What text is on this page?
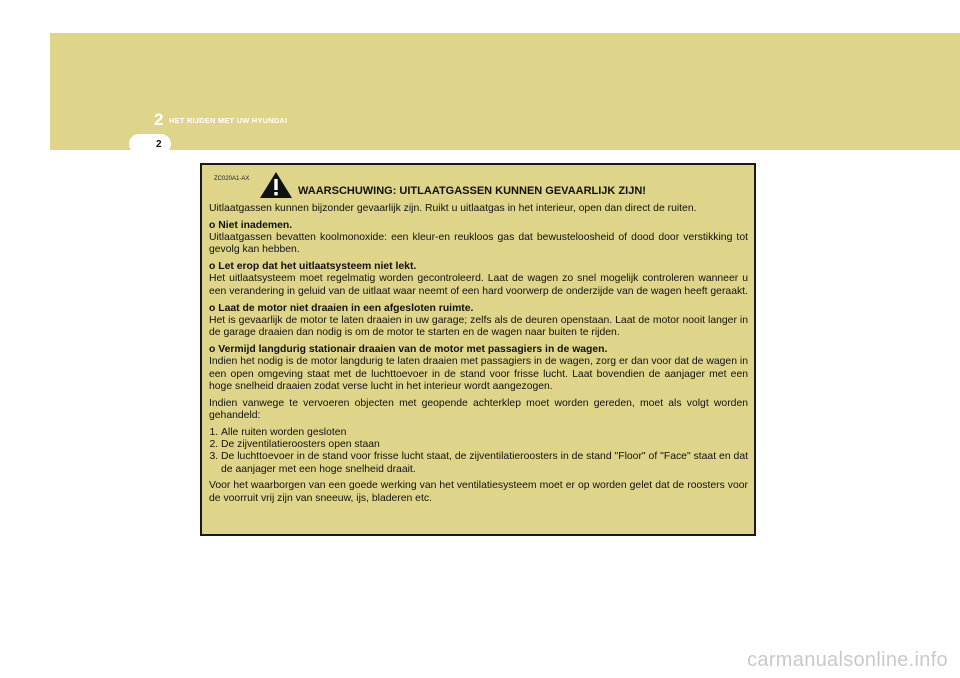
2 HET RIJDEN MET UW HYUNDAI
2
ZC020A1-AX
WAARSCHUWING: UITLAATGASSEN KUNNEN GEVAARLIJK ZIJN!

Uitlaatgassen kunnen bijzonder gevaarlijk zijn. Ruikt u uitlaatgas in het interieur, open dan direct de ruiten.

o Niet inademen.
Uitlaatgassen bevatten koolmonoxide: een kleur-en reukloos gas dat bewusteloosheid of dood door verstikking tot gevolg kan hebben.

o Let erop dat het uitlaatsysteem niet lekt.
Het uitlaatsysteem moet regelmatig worden gecontroleerd. Laat de wagen zo snel mogelijk controleren wanneer u een verandering in geluid van de uitlaat waar neemt of een hard voorwerp de onderzijde van de wagen heeft geraakt.

o Laat de motor niet draaien in een afgesloten ruimte.
Het is gevaarlijk de motor te laten draaien in uw garage; zelfs als de deuren openstaan. Laat de motor nooit langer in de garage draaien dan nodig is om de motor te starten en de wagen naar buiten te rijden.

o Vermijd langdurig stationair draaien van de motor met passagiers in de wagen.
Indien het nodig is de motor langdurig te laten draaien met passagiers in de wagen, zorg er dan voor dat de wagen in een open omgeving staat met de luchttoevoer in de stand voor frisse lucht. Laat bovendien de aanjager met een hoge snelheid draaien zodat verse lucht in het interieur wordt aangezogen.

Indien vanwege te vervoeren objecten met geopende achterklep moet worden gereden, moet als volgt worden gehandeld:

1. Alle ruiten worden gesloten
2. De zijventilatieroosters open staan
3. De luchttoevoer in de stand voor frisse lucht staat, de zijventilatieroosters in de stand "Floor" of "Face" staat en dat de aanjager met een hoge snelheid draait.

Voor het waarborgen van een goede werking van het ventilatiesysteem moet er op worden gelet dat de roosters voor de voorruit vrij zijn van sneeuw, ijs, bladeren etc.

carmanualsonline.info
